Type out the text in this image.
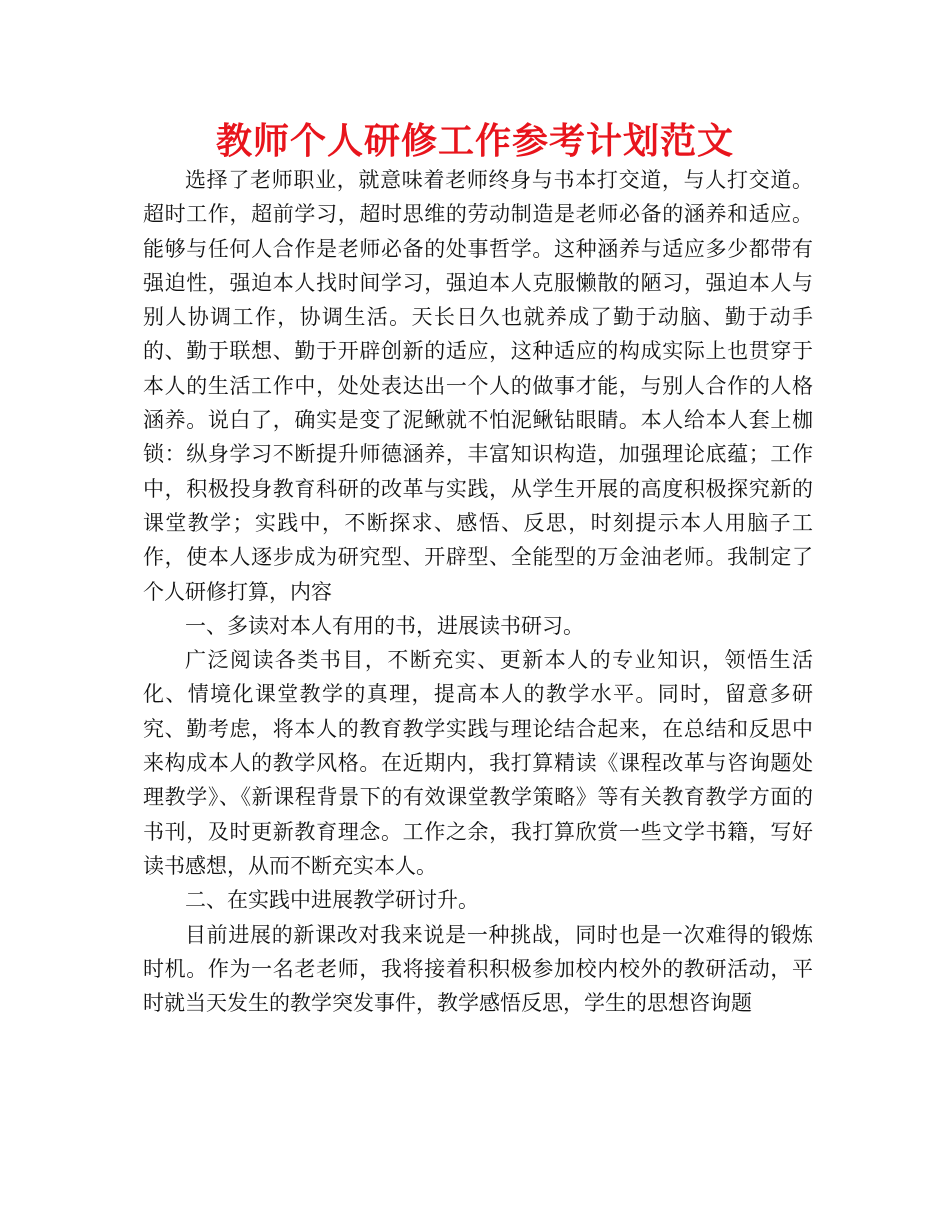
教师个人研修工作参考计划范文

选择了老师职业，就意味着老师终身与书本打交道，与人打交道。超时工作，超前学习，超时思维的劳动制造是老师必备的涵养和适应。能够与任何人合作是老师必备的处事哲学。这种涵养与适应多少都带有强迫性，强迫本人找时间学习，强迫本人克服懒散的陋习，强迫本人与别人协调工作，协调生活。天长日久也就养成了勤于动脑、勤于动手的、勤于联想、勤于开辟创新的适应，这种适应的构成实际上也贯穿于本人的生活工作中，处处表达出一个人的做事才能，与别人合作的人格涵养。说白了，确实是变了泥鳅就不怕泥鳅钻眼睛。本人给本人套上枷锁：纵身学习不断提升师德涵养，丰富知识构造，加强理论底蕴；工作中，积极投身教育科研的改革与实践，从学生开展的高度积极探究新的课堂教学；实践中，不断探求、感悟、反思，时刻提示本人用脑子工作，使本人逐步成为研究型、开辟型、全能型的万金油老师。我制定了个人研修打算，内容

一、多读对本人有用的书，进展读书研习。

广泛阅读各类书目，不断充实、更新本人的专业知识，领悟生活化、情境化课堂教学的真理，提高本人的教学水平。同时，留意多研究、勤考虑，将本人的教育教学实践与理论结合起来，在总结和反思中来构成本人的教学风格。在近期内，我打算精读《课程改革与咨询题处理教学》、《新课程背景下的有效课堂教学策略》等有关教育教学方面的书刊，及时更新教育理念。工作之余，我打算欣赏一些文学书籍，写好读书感想，从而不断充实本人。

二、在实践中进展教学研讨升。

目前进展的新课改对我来说是一种挑战，同时也是一次难得的锻炼时机。作为一名老老师，我将接着积积极参加校内校外的教研活动，平时就当天发生的教学突发事件，教学感悟反思，学生的思想咨询题
